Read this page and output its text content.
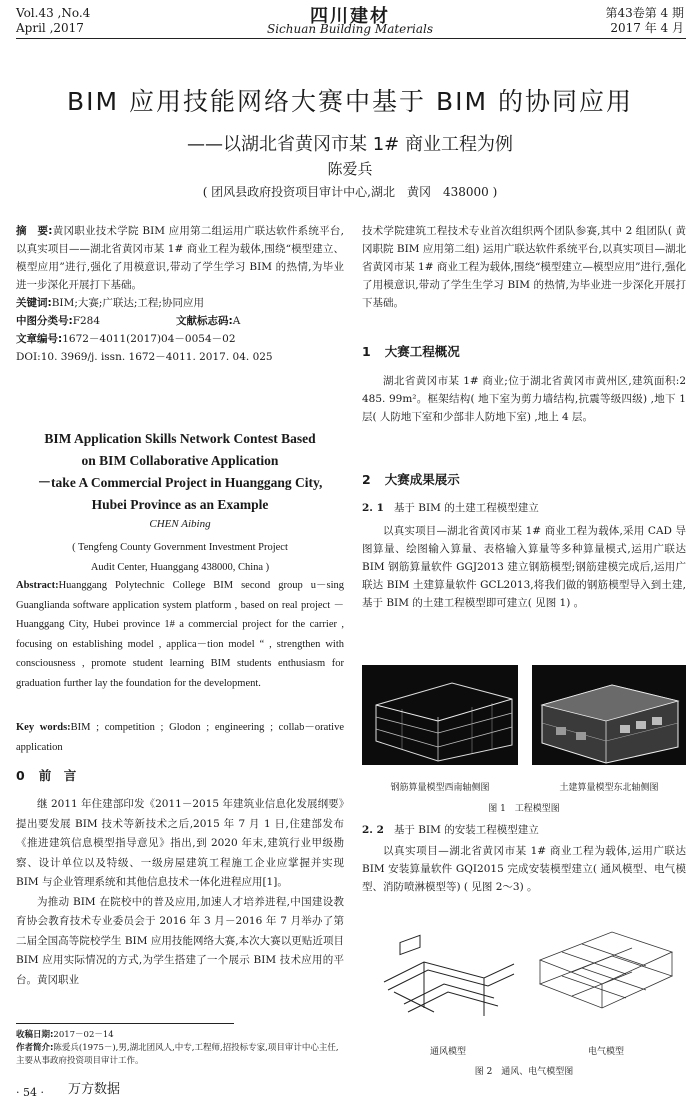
Vol.43 ,No.4
April ,2017
四川建材
Sichuan Building Materials
第43卷第 4 期
2017 年 4 月
BIM 应用技能网络大赛中基于 BIM 的协同应用
——以湖北省黄冈市某 1# 商业工程为例
陈爱兵
( 团风县政府投资项目审计中心,湖北　黄冈　438000 )
摘　要:黄冈职业技术学院 BIM 应用第二组运用广联达软件系统平台,以真实项目——湖北省黄冈市某 1# 商业工程为载体,围绕“模型建立、模型应用”进行,强化了用模意识,带动了学生学习 BIM 的热情,为毕业进一步深化开展打下基础。
关键词:BIM;大赛;广联达;工程;协同应用
中图分类号:F284	文献标志码:A
文章编号:1672－4011(2017)04－0054－02
DOI:10. 3969/j. issn. 1672－4011. 2017. 04. 025
BIM Application Skills Network Contest Based
on BIM Collaborative Application
－take A Commercial Project in Huanggang City,
Hubei Province as an Example
CHEN Aibing
( Tengfeng County Government Investment Project
Audit Center, Huanggang 438000, China )
Abstract:Huanggang Polytechnic College BIM second group u－sing Guanglianda software application system platform , based on real project － Huanggang City, Hubei province 1# a commercial project for the carrier , focusing on establishing model , applica－tion model “ , strengthen with consciousness , promote student learning BIM students enthusiasm for graduation further lay the foundation for the development.
Key words:BIM ; competition ; Glodon ; engineering ; collab－orative application
0 前　言

继 2011 年住建部印发《2011－2015 年建筑业信息化发展纲要》提出要发展 BIM 技术等新技术之后,2015 年 7 月 1 日,住建部发布《推进建筑信息模型指导意见》指出,到 2020 年末,建筑行业甲级勘察、设计单位以及特级、一级房屋建筑工程施工企业应掌握并实现 BIM 与企业管理系统和其他信息技术一体化进程应用[1]。

为推动 BIM 在院校中的普及应用,加速人才培养进程,中国建设教育协会教育技术专业委员会于 2016 年 3 月－2016 年 7 月举办了第二届全国高等院校学生 BIM 应用技能网络大赛,本次大赛以更贴近项目 BIM 应用实际情况的方式,为学生搭建了一个展示 BIM 技术应用的平台。黄冈职业

收稿日期:2017－02－14
作者简介:陈爱兵(1975－),男,湖北团风人,中专,工程师,招投标专家,项目审计中心主任,主要从事政府投资项目审计工作。
· 54 · 万方数据

技术学院建筑工程技术专业首次组织两个团队参赛,其中 2 组团队( 黄冈职院 BIM 应用第二组) 运用广联达软件系统平台,以真实项目—湖北省黄冈市某 1# 商业工程为载体,围绕“模型建立—模型应用”进行,强化了用模意识,带动了学生生学习 BIM 的热情,为毕业进一步深化开展打下基础。

1 大赛工程概况

湖北省黄冈市某 1# 商业;位于湖北省黄冈市黄州区,建筑面积:2 485. 99m²。框架结构( 地下室为剪力墙结构,抗震等级四级) ,地下 1 层( 人防地下室和少部非人防地下室) ,地上 4 层。

2 大赛成果展示
2. 1 基于 BIM 的土建工程模型建立

以真实项目—湖北省黄冈市某 1# 商业工程为载体,采用 CAD 导图算量、绘图输入算量、表格输入算量等多种算量模式,运用广联达 BIM 钢筋算量软件 GGJ2013 建立钢筋模型;钢筋建模完成后,运用广联达 BIM 土建算量软件 GCL2013,将我们做的钢筋模型导入到土建,基于 BIM 的土建工程模型即可建立( 见图 1) 。

钢筋算量模型西南轴侧图	土建算量模型东北轴侧图
图 1　工程模型图
2. 2 基于 BIM 的安装工程模型建立

以真实项目—湖北省黄冈市某 1# 商业工程为载体,运用广联达 BIM 安装算量软件 GQI2015 完成安装模型建立( 通风模型、电气模型、消防喷淋模型等) ( 见图 2～3) 。

通风模型	电气模型
图 2　通风、电气模型图
